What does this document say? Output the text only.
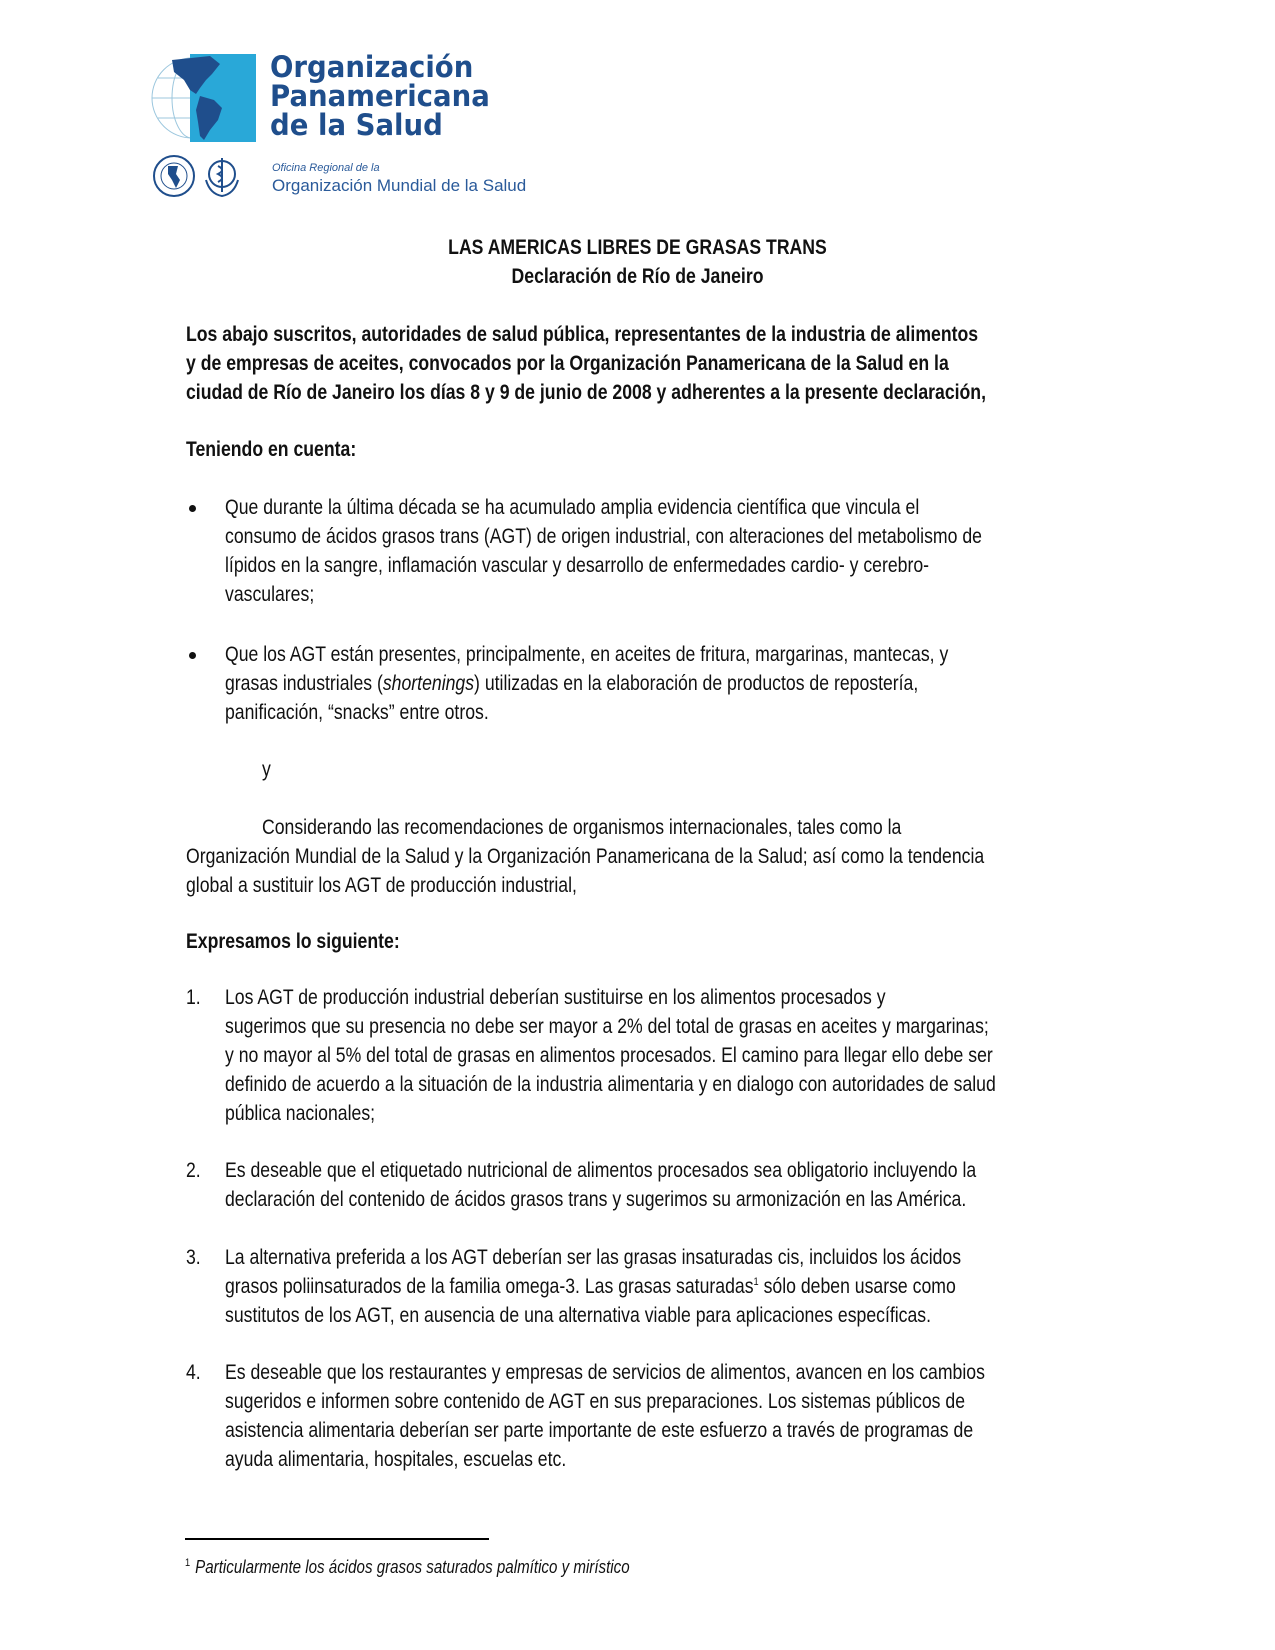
Organización
Panamericana
de la Salud
Oficina Regional de la
Organización Mundial de la Salud
LAS AMERICAS LIBRES DE GRASAS TRANS
Declaración de Río de Janeiro
Los abajo suscritos, autoridades de salud pública, representantes de la industria de alimentos
y de empresas de aceites, convocados por la Organización Panamericana de la Salud en la
ciudad de Río de Janeiro los días 8 y 9 de junio de 2008 y adherentes a la presente declaración,
Teniendo en cuenta:
Que durante la última década se ha acumulado amplia evidencia científica que vincula el
consumo de ácidos grasos trans (AGT) de origen industrial, con alteraciones del metabolismo de
lípidos en la sangre, inflamación vascular y desarrollo de enfermedades cardio- y cerebro-
vasculares;
Que los AGT están presentes, principalmente, en aceites de fritura, margarinas, mantecas, y
grasas industriales (shortenings) utilizadas en la elaboración de productos de repostería,
panificación, “snacks” entre otros.
y
Considerando las recomendaciones de organismos internacionales, tales como la
Organización Mundial de la Salud y la Organización Panamericana de la Salud; así como la tendencia
global a sustituir los AGT de producción industrial,
Expresamos lo siguiente:
1. Los AGT de producción industrial deberían sustituirse en los alimentos procesados y
sugerimos que su presencia no debe ser mayor a 2% del total de grasas en aceites y margarinas;
y no mayor al 5% del total de grasas en alimentos procesados. El camino para llegar ello debe ser
definido de acuerdo a la situación de la industria alimentaria y en dialogo con autoridades de salud
pública nacionales;
2. Es deseable que el etiquetado nutricional de alimentos procesados sea obligatorio incluyendo la
declaración del contenido de ácidos grasos trans y sugerimos su armonización en las América.
3. La alternativa preferida a los AGT deberían ser las grasas insaturadas cis, incluidos los ácidos
grasos poliinsaturados de la familia omega-3. Las grasas saturadas$^1$ sólo deben usarse como
sustitutos de los AGT, en ausencia de una alternativa viable para aplicaciones específicas.
4. Es deseable que los restaurantes y empresas de servicios de alimentos, avancen en los cambios
sugeridos e informen sobre contenido de AGT en sus preparaciones. Los sistemas públicos de
asistencia alimentaria deberían ser parte importante de este esfuerzo a través de programas de
ayuda alimentaria, hospitales, escuelas etc.
$^1$ Particularmente los ácidos grasos saturados palmítico y mirístico
